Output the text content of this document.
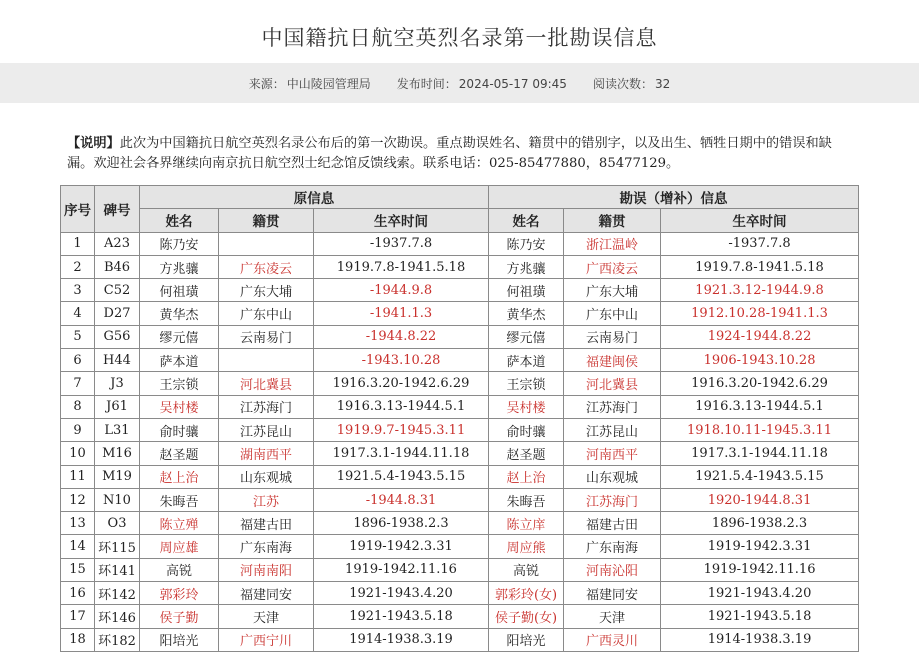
中国籍抗日航空英烈名录第一批勘误信息
来源： 中山陵园管理局 发布时间： 2024-05-17 09:45 阅读次数： 32
【说明】此次为中国籍抗日航空英烈名录公布后的第一次勘误。重点勘误姓名、籍贯中的错别字，以及出生、牺牲日期中的错误和缺漏。欢迎社会各界继续向南京抗日航空烈士纪念馆反馈线索。联系电话：025-85477880，85477129。
序号	碑号	原信息			勘误（增补）信息		
		姓名	籍贯	生卒时间	姓名	籍贯	生卒时间
1	A23	陈乃安		-1937.7.8	陈乃安	浙江温岭	-1937.7.8
2	B46	方兆骧	广东凌云	1919.7.8-1941.5.18	方兆骧	广西凌云	1919.7.8-1941.5.18
3	C52	何祖璜	广东大埔	-1944.9.8	何祖璜	广东大埔	1921.3.12-1944.9.8
4	D27	黄华杰	广东中山	-1941.1.3	黄华杰	广东中山	1912.10.28-1941.1.3
5	G56	缪元僖	云南易门	-1944.8.22	缪元僖	云南易门	1924-1944.8.22
6	H44	萨本道		-1943.10.28	萨本道	福建闽侯	1906-1943.10.28
7	J3	王宗锁	河北冀县	1916.3.20-1942.6.29	王宗锁	河北冀县	1916.3.20-1942.6.29
8	J61	吴村楼	江苏海门	1916.3.13-1944.5.1	吴村楼	江苏海门	1916.3.13-1944.5.1
9	L31	俞时骧	江苏昆山	1919.9.7-1945.3.11	俞时骧	江苏昆山	1918.10.11-1945.3.11
10	M16	赵圣题	湖南西平	1917.3.1-1944.11.18	赵圣题	河南西平	1917.3.1-1944.11.18
11	M19	赵上治	山东观城	1921.5.4-1943.5.15	赵上治	山东观城	1921.5.4-1943.5.15
12	N10	朱晦吾	江苏	-1944.8.31	朱晦吾	江苏海门	1920-1944.8.31
13	O3	陈立殚	福建古田	1896-1938.2.3	陈立庠	福建古田	1896-1938.2.3
14	环115	周应雄	广东南海	1919-1942.3.31	周应熊	广东南海	1919-1942.3.31
15	环141	高锐	河南南阳	1919-1942.11.16	高锐	河南沁阳	1919-1942.11.16
16	环142	郭彩玲	福建同安	1921-1943.4.20	郭彩玲(女)	福建同安	1921-1943.4.20
17	环146	侯子勤	天津	1921-1943.5.18	侯子勤(女)	天津	1921-1943.5.18
18	环182	阳培光	广西宁川	1914-1938.3.19	阳培光	广西灵川	1914-1938.3.19
